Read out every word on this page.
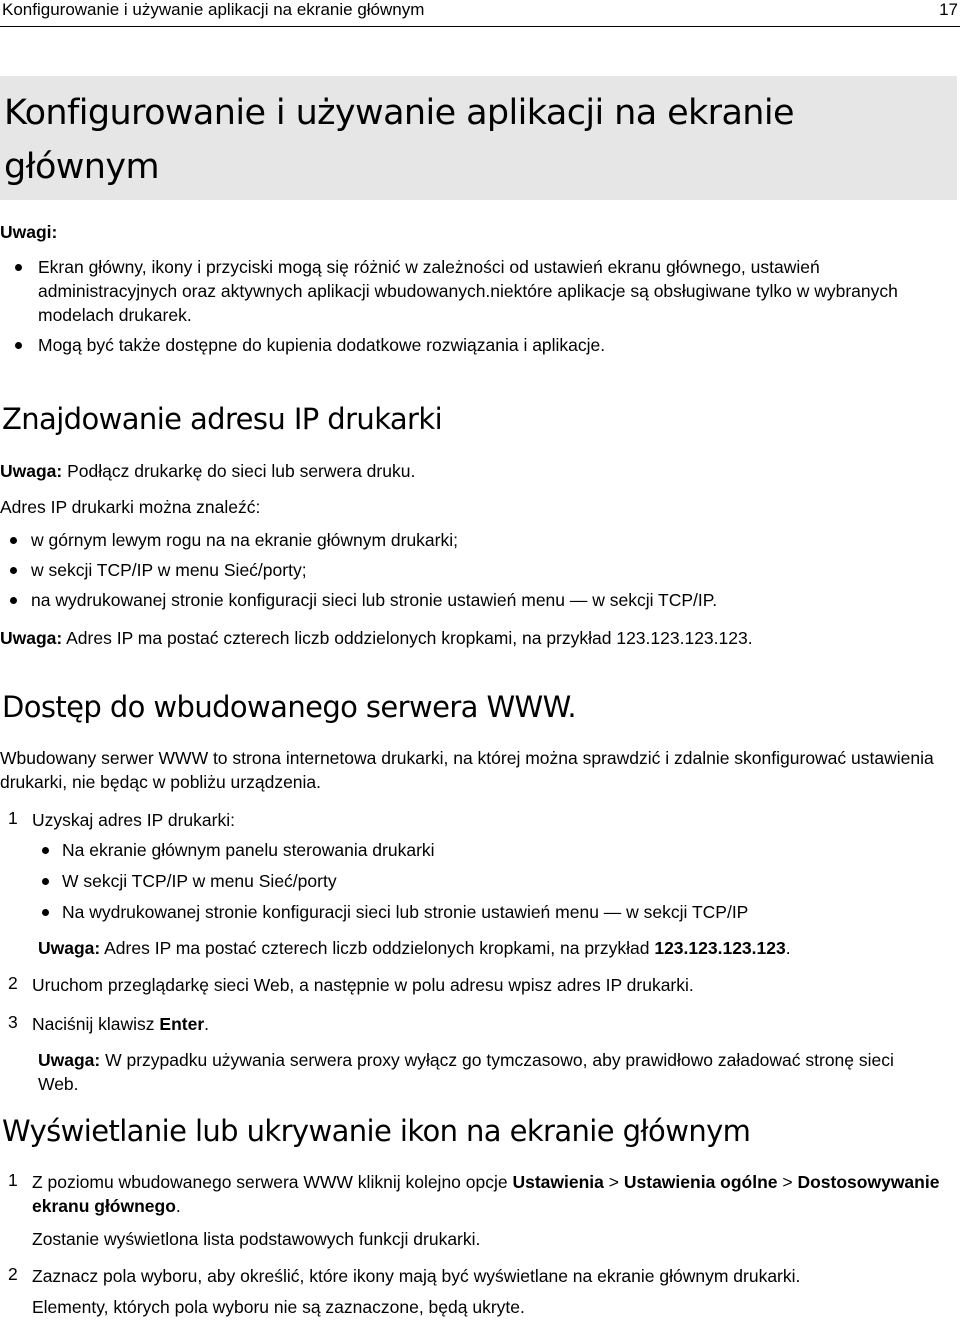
Konfigurowanie i używanie aplikacji na ekranie głównym	17
Konfigurowanie i używanie aplikacji na ekranie
głównym

Uwagi:

Ekran główny, ikony i przyciski mogą się różnić w zależności od ustawień ekranu głównego, ustawień administracyjnych oraz aktywnych aplikacji wbudowanych.niektóre aplikacje są obsługiwane tylko w wybranych modelach drukarek.
Mogą być także dostępne do kupienia dodatkowe rozwiązania i aplikacje.
Znajdowanie adresu IP drukarki

Uwaga: Podłącz drukarkę do sieci lub serwera druku.

Adres IP drukarki można znaleźć:

w górnym lewym rogu na na ekranie głównym drukarki;
w sekcji TCP/IP w menu Sieć/porty;
na wydrukowanej stronie konfiguracji sieci lub stronie ustawień menu — w sekcji TCP/IP.

Uwaga: Adres IP ma postać czterech liczb oddzielonych kropkami, na przykład 123.123.123.123.

Dostęp do wbudowanego serwera WWW.

Wbudowany serwer WWW to strona internetowa drukarki, na której można sprawdzić i zdalnie skonfigurować ustawienia drukarki, nie będąc w pobliżu urządzenia.

1 Uzyskaj adres IP drukarki:

Na ekranie głównym panelu sterowania drukarki
W sekcji TCP/IP w menu Sieć/porty
Na wydrukowanej stronie konfiguracji sieci lub stronie ustawień menu — w sekcji TCP/IP

Uwaga: Adres IP ma postać czterech liczb oddzielonych kropkami, na przykład 123.123.123.123.

2 Uruchom przeglądarkę sieci Web, a następnie w polu adresu wpisz adres IP drukarki.

3 Naciśnij klawisz Enter.

Uwaga: W przypadku używania serwera proxy wyłącz go tymczasowo, aby prawidłowo załadować stronę sieci Web.

Wyświetlanie lub ukrywanie ikon na ekranie głównym
1 Z poziomu wbudowanego serwera WWW kliknij kolejno opcje Ustawienia > Ustawienia ogólne > Dostosowywanie ekranu głównego.

Zostanie wyświetlona lista podstawowych funkcji drukarki.

2 Zaznacz pola wyboru, aby określić, które ikony mają być wyświetlane na ekranie głównym drukarki.

Elementy, których pola wyboru nie są zaznaczone, będą ukryte.
